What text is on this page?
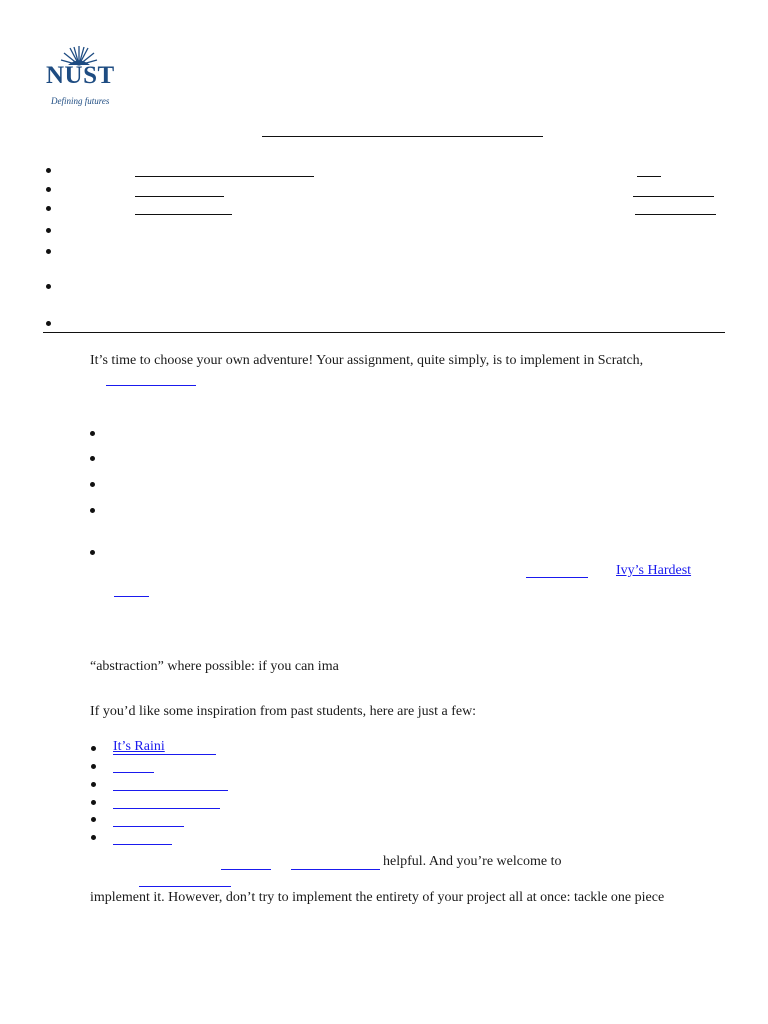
NUST
Defining futures
It’s time to choose your own adventure! Your assignment, quite simply, is to implement in Scratch,
Ivy’s Hardest
“abstraction” where possible: if you can ima
If you’d like some inspiration from past students, here are just a few:
It’s Raini
helpful. And you’re welcome to
implement it. However, don’t try to implement the entirety of your project all at once: tackle one piece
